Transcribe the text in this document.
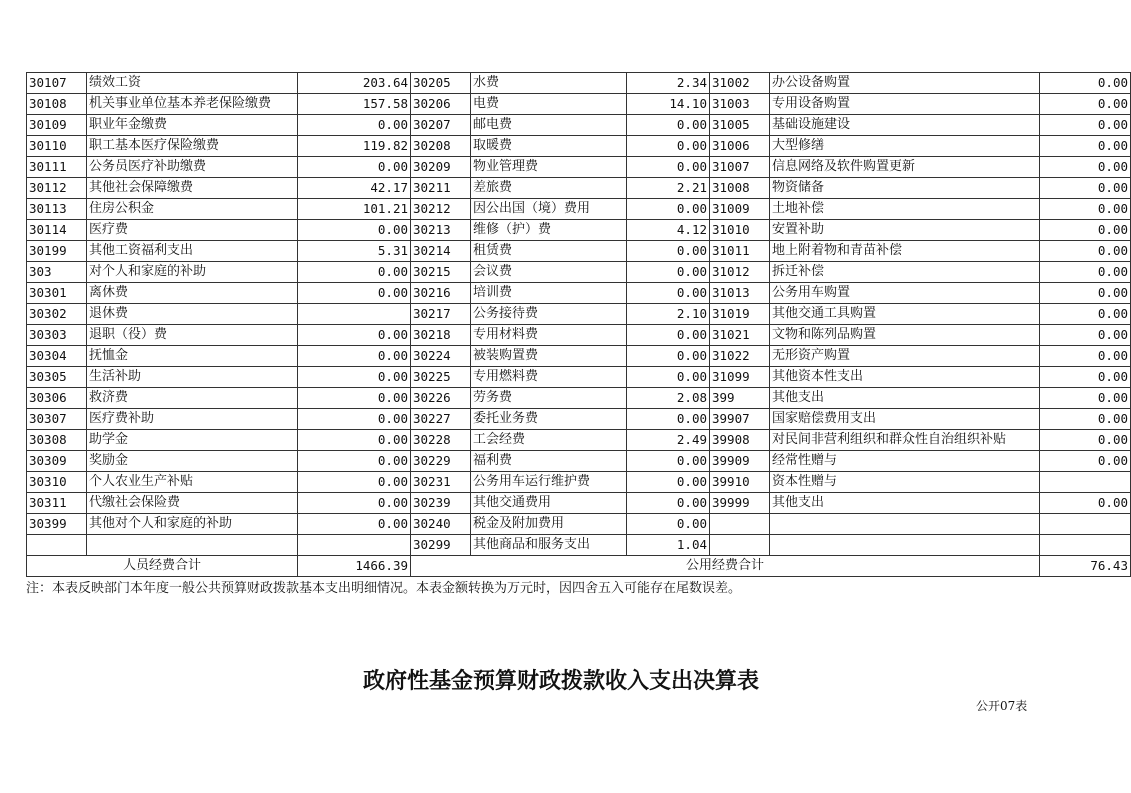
30107	绩效工资	203.64	30205	水费	2.34	31002	办公设备购置	0.00
30108	机关事业单位基本养老保险缴费	157.58	30206	电费	14.10	31003	专用设备购置	0.00
30109	职业年金缴费	0.00	30207	邮电费	0.00	31005	基础设施建设	0.00
30110	职工基本医疗保险缴费	119.82	30208	取暖费	0.00	31006	大型修缮	0.00
30111	公务员医疗补助缴费	0.00	30209	物业管理费	0.00	31007	信息网络及软件购置更新	0.00
30112	其他社会保障缴费	42.17	30211	差旅费	2.21	31008	物资储备	0.00
30113	住房公积金	101.21	30212	因公出国（境）费用	0.00	31009	土地补偿	0.00
30114	医疗费	0.00	30213	维修（护）费	4.12	31010	安置补助	0.00
30199	其他工资福利支出	5.31	30214	租赁费	0.00	31011	地上附着物和青苗补偿	0.00
303	对个人和家庭的补助	0.00	30215	会议费	0.00	31012	拆迁补偿	0.00
30301	离休费	0.00	30216	培训费	0.00	31013	公务用车购置	0.00
30302	退休费		30217	公务接待费	2.10	31019	其他交通工具购置	0.00
30303	退职（役）费	0.00	30218	专用材料费	0.00	31021	文物和陈列品购置	0.00
30304	抚恤金	0.00	30224	被装购置费	0.00	31022	无形资产购置	0.00
30305	生活补助	0.00	30225	专用燃料费	0.00	31099	其他资本性支出	0.00
30306	救济费	0.00	30226	劳务费	2.08	399	其他支出	0.00
30307	医疗费补助	0.00	30227	委托业务费	0.00	39907	国家赔偿费用支出	0.00
30308	助学金	0.00	30228	工会经费	2.49	39908	对民间非营利组织和群众性自治组织补贴	0.00
30309	奖励金	0.00	30229	福利费	0.00	39909	经常性赠与	0.00
30310	个人农业生产补贴	0.00	30231	公务用车运行维护费	0.00	39910	资本性赠与	
30311	代缴社会保险费	0.00	30239	其他交通费用	0.00	39999	其他支出	0.00
30399	其他对个人和家庭的补助	0.00	30240	税金及附加费用	0.00			
			30299	其他商品和服务支出	1.04			
人员经费合计		1466.39	公用经费合计					76.43
注：本表反映部门本年度一般公共预算财政拨款基本支出明细情况。本表金额转换为万元时，因四舍五入可能存在尾数误差。
政府性基金预算财政拨款收入支出决算表
公开07表
